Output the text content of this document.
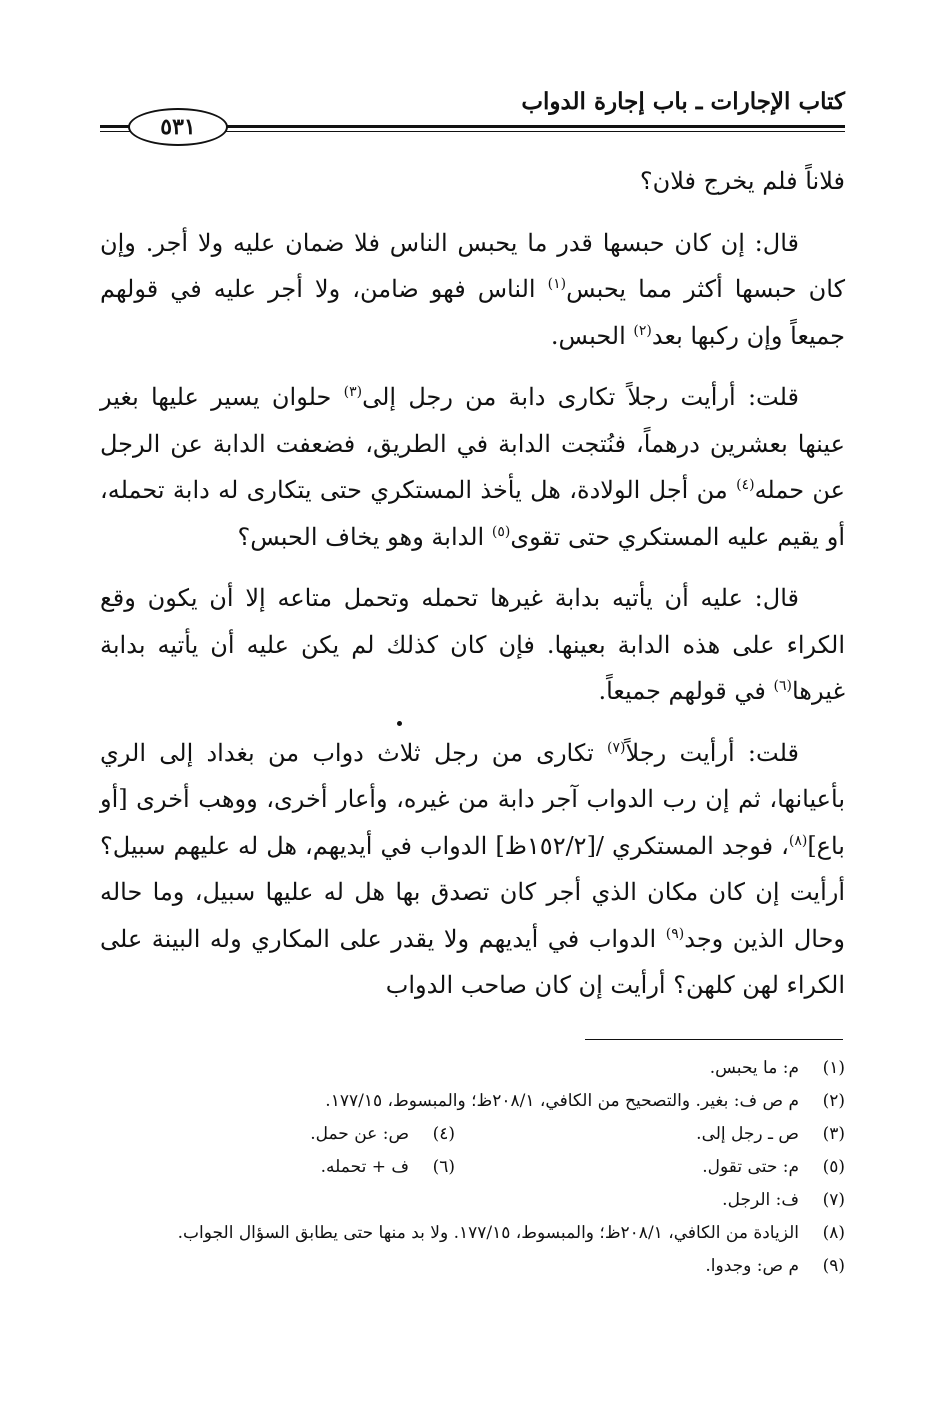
كتاب الإجارات ـ باب إجارة الدواب
٥٣١

فلاناً فلم يخرج فلان؟

قال: إن كان حبسها قدر ما يحبس الناس فلا ضمان عليه ولا أجر. وإن كان حبسها أكثر مما يحبس$^{(١)}$ الناس فهو ضامن، ولا أجر عليه في قولهم جميعاً وإن ركبها بعد$^{(٢)}$ الحبس.

قلت: أرأيت رجلاً تكارى دابة من رجل إلى$^{(٣)}$ حلوان يسير عليها بغير عينها بعشرين درهماً، فنُتجت الدابة في الطريق، فضعفت الدابة عن الرجل عن حمله$^{(٤)}$ من أجل الولادة، هل يأخذ المستكري حتى يتكارى له دابة تحمله، أو يقيم عليه المستكري حتى تقوى$^{(٥)}$ الدابة وهو يخاف الحبس؟

قال: عليه أن يأتيه بدابة غيرها تحمله وتحمل متاعه إلا أن يكون وقع الكراء على هذه الدابة بعينها. فإن كان كذلك لم يكن عليه أن يأتيه بدابة غيرها$^{(٦)}$ في قولهم جميعاً.

قلت: أرأيت رجلاً$^{(٧)}$ تكارى من رجل ثلاث دواب من بغداد إلى الري بأعيانها، ثم إن رب الدواب آجر دابة من غيره، وأعار أخرى، ووهب أخرى [أو باع]$^{(٨)}$، فوجد المستكري /[١٥٢/٢ظ] الدواب في أيديهم، هل له عليهم سبيل؟ أرأيت إن كان مكان الذي أجر كان تصدق بها هل له عليها سبيل، وما حاله وحال الذين وجد$^{(٩)}$ الدواب في أيديهم ولا يقدر على المكاري وله البينة على الكراء لهن كلهن؟ أرأيت إن كان صاحب الدواب

(١)
م: ما يحبس.
(٢)
م ص ف: بغير. والتصحيح من الكافي، ٢٠٨/١ظ؛ والمبسوط، ١٧٧/١٥.
(٣)
ص ـ رجل إلى.
(٤)
ص: عن حمل.
(٥)
م: حتى تقول.
(٦)
ف + تحمله.
(٧)
ف: الرجل.
(٨)
الزيادة من الكافي، ٢٠٨/١ظ؛ والمبسوط، ١٧٧/١٥. ولا بد منها حتى يطابق السؤال الجواب.
(٩)
م ص: وجدوا.
